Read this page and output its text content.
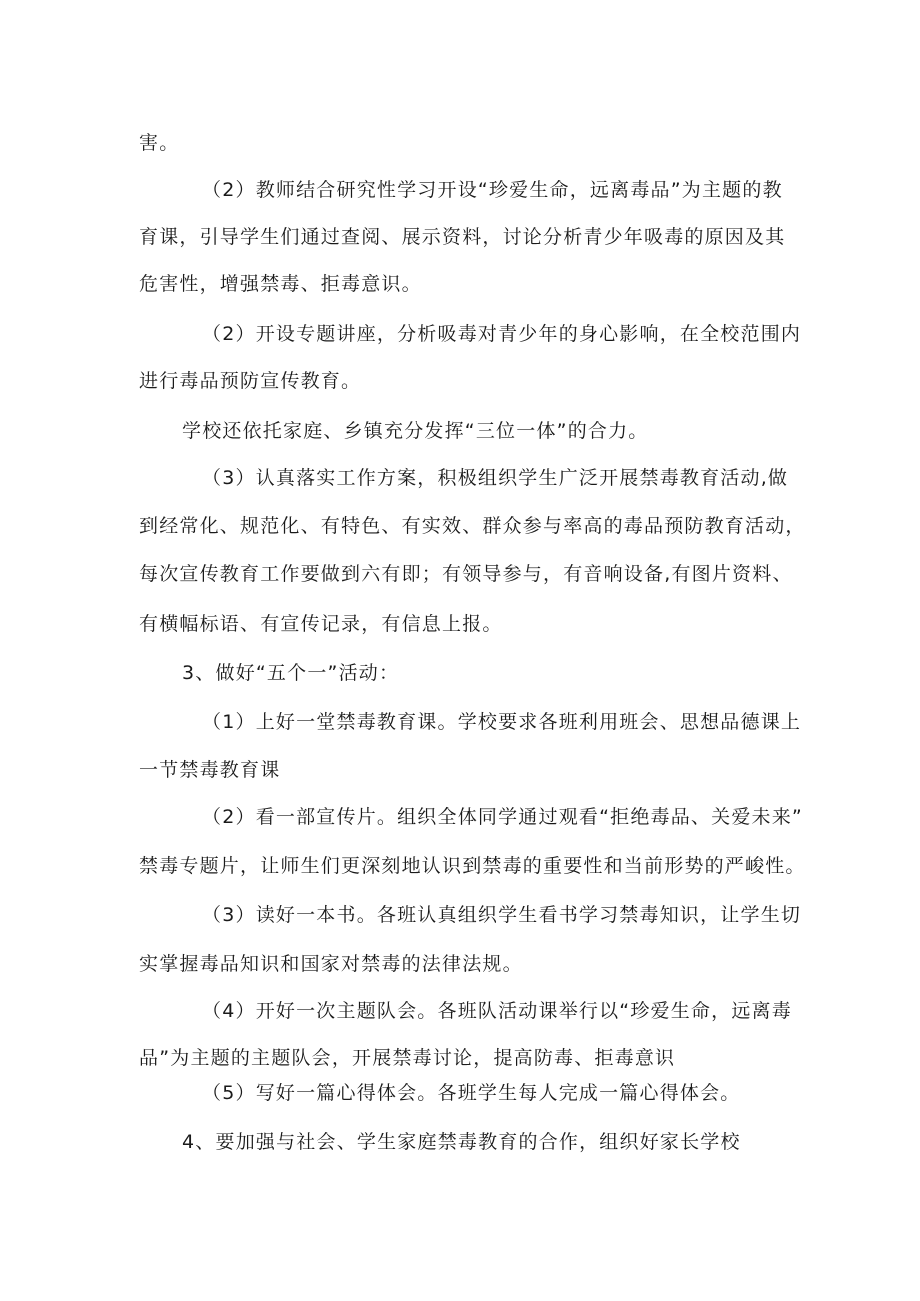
害。
（2）教师结合研究性学习开设“珍爱生命，远离毒品”为主题的教
育课，引导学生们通过查阅、展示资料，讨论分析青少年吸毒的原因及其
危害性，增强禁毒、拒毒意识。
（2）开设专题讲座，分析吸毒对青少年的身心影响，在全校范围内
进行毒品预防宣传教育。
学校还依托家庭、乡镇充分发挥“三位一体”的合力。
（3）认真落实工作方案，积极组织学生广泛开展禁毒教育活动,做
到经常化、规范化、有特色、有实效、群众参与率高的毒品预防教育活动，
每次宣传教育工作要做到六有即；有领导参与，有音响设备,有图片资料、
有横幅标语、有宣传记录，有信息上报。
3、做好“五个一”活动：
（1）上好一堂禁毒教育课。学校要求各班利用班会、思想品德课上
一节禁毒教育课
（2）看一部宣传片。组织全体同学通过观看“拒绝毒品、关爱未来”
禁毒专题片，让师生们更深刻地认识到禁毒的重要性和当前形势的严峻性。
（3）读好一本书。各班认真组织学生看书学习禁毒知识，让学生切
实掌握毒品知识和国家对禁毒的法律法规。
（4）开好一次主题队会。各班队活动课举行以“珍爱生命，远离毒
品”为主题的主题队会，开展禁毒讨论，提高防毒、拒毒意识
（5）写好一篇心得体会。各班学生每人完成一篇心得体会。
4、要加强与社会、学生家庭禁毒教育的合作，组织好家长学校
